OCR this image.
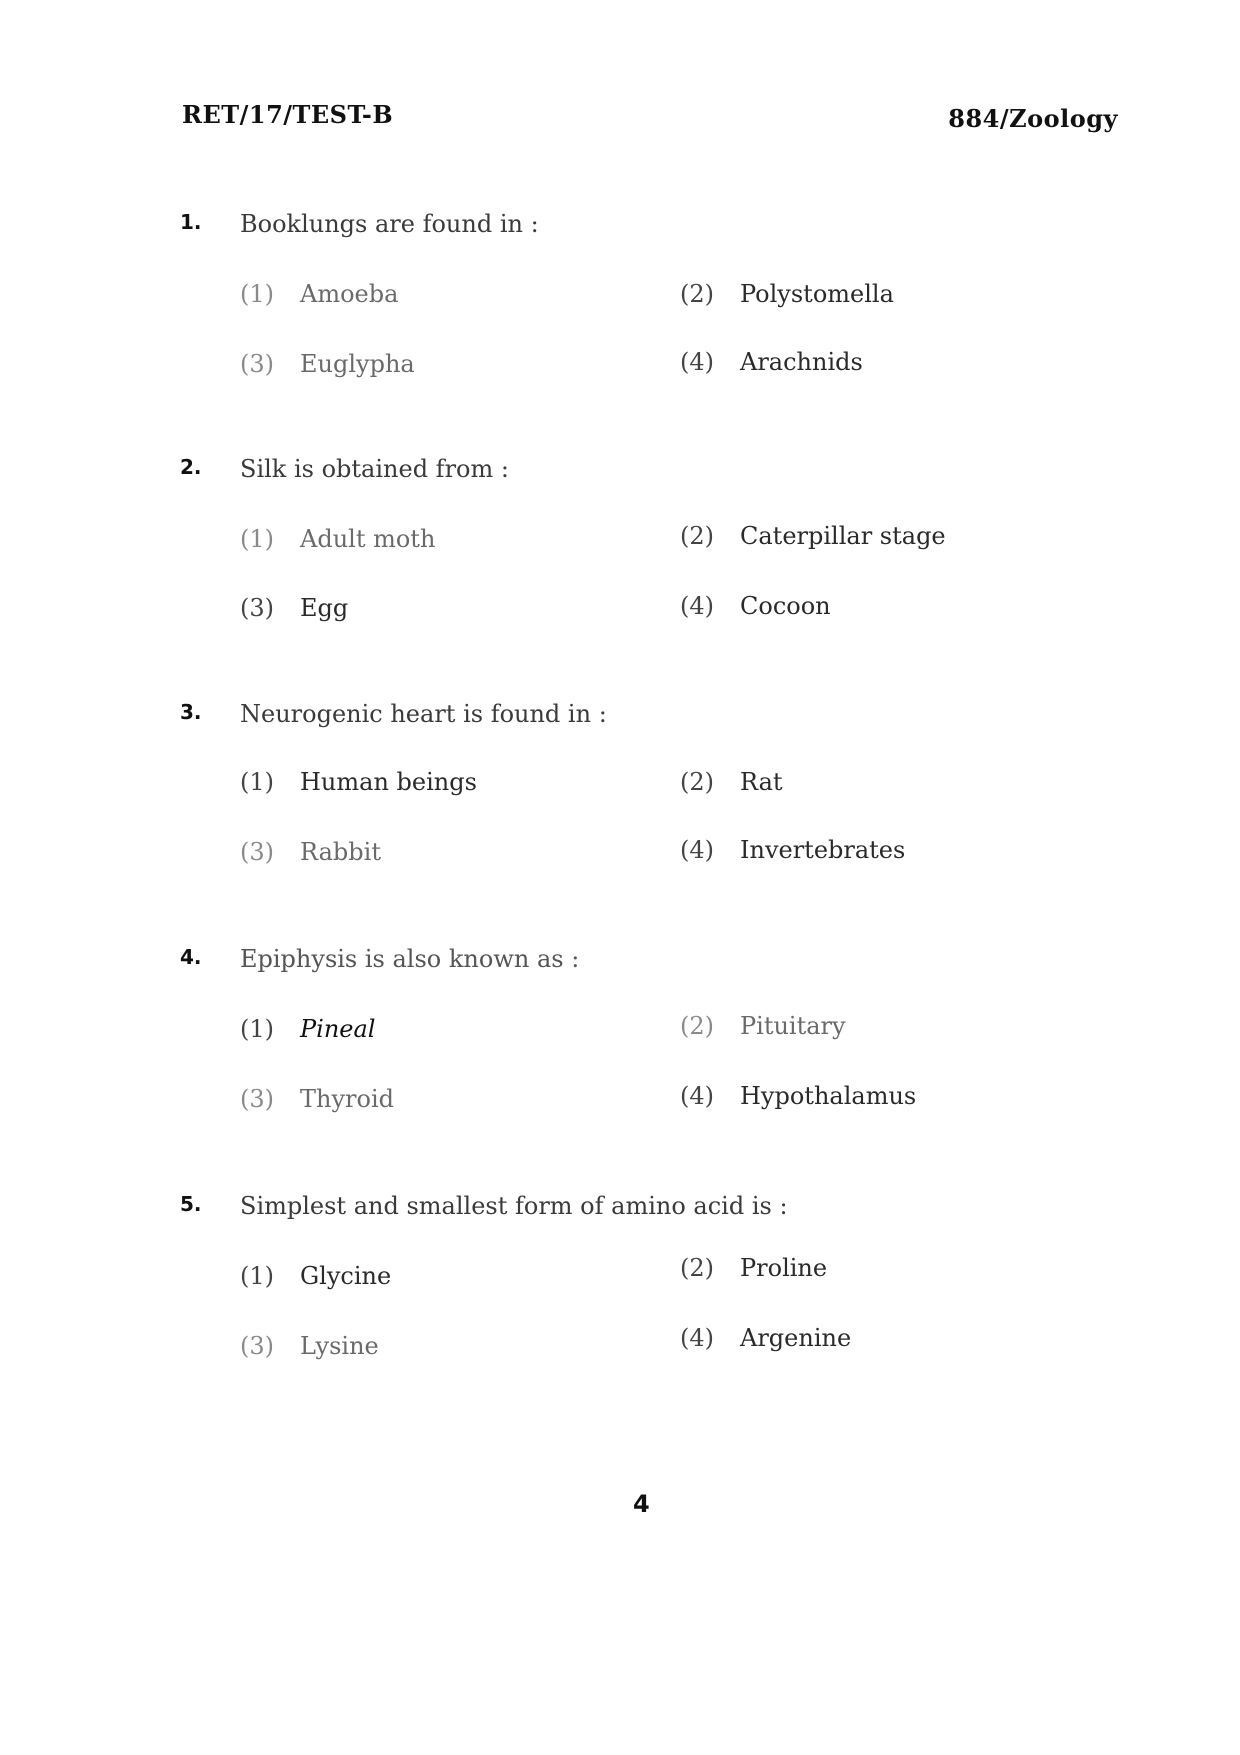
RET/17/TEST-B	884/Zoology
1. Booklungs are found in :
(1) Amoeba	(2) Polystomella
(3) Euglypha	(4) Arachnids
2. Silk is obtained from :
(1) Adult moth	(2) Caterpillar stage
(3) Egg	(4) Cocoon
3. Neurogenic heart is found in :
(1) Human beings	(2) Rat
(3) Rabbit	(4) Invertebrates
4. Epiphysis is also known as :
(1) Pineal	(2) Pituitary
(3) Thyroid	(4) Hypothalamus
5. Simplest and smallest form of amino acid is :
(1) Glycine	(2) Proline
(3) Lysine	(4) Argenine
4
